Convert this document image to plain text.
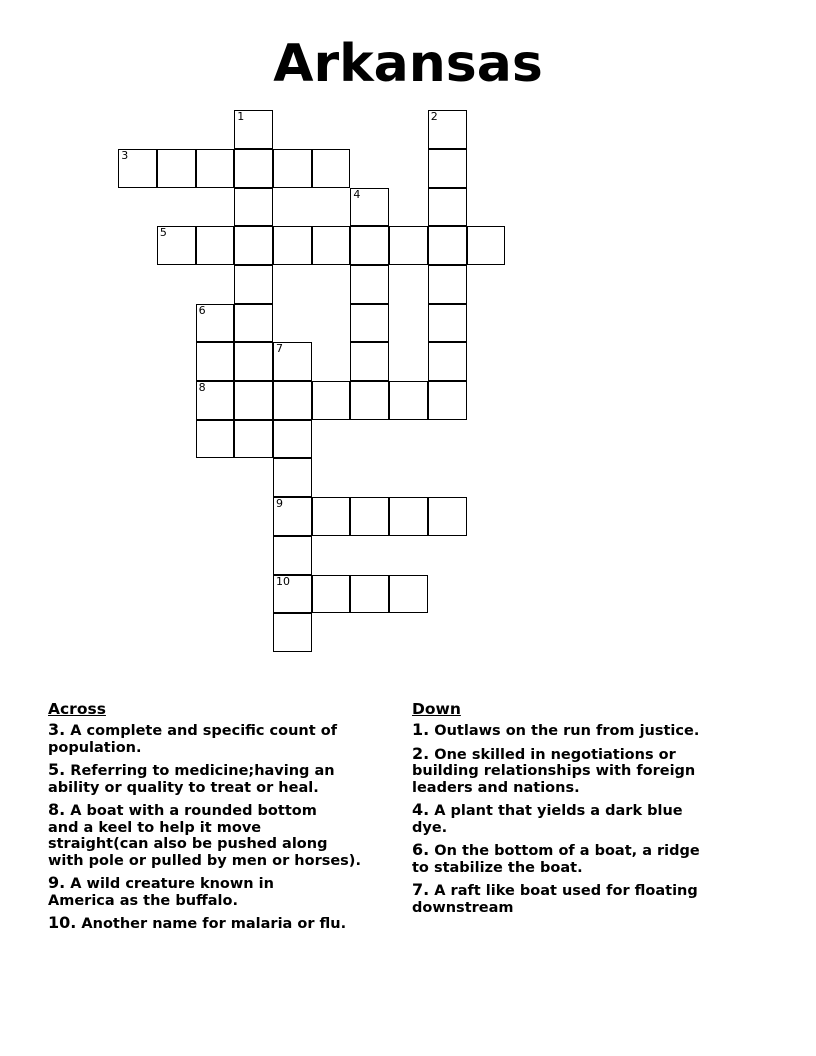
Arkansas
1	2
3
4
5
6
7
8
9
10
Across
3. A complete and specific count of
population.
5. Referring to medicine;having an
ability or quality to treat or heal.
8. A boat with a rounded bottom
and a keel to help it move
straight(can also be pushed along
with pole or pulled by men or horses).
9. A wild creature known in
America as the buffalo.
10. Another name for malaria or flu.
Down
1. Outlaws on the run from justice.
2. One skilled in negotiations or
building relationships with foreign
leaders and nations.
4. A plant that yields a dark blue
dye.
6. On the bottom of a boat, a ridge
to stabilize the boat.
7. A raft like boat used for floating
downstream
